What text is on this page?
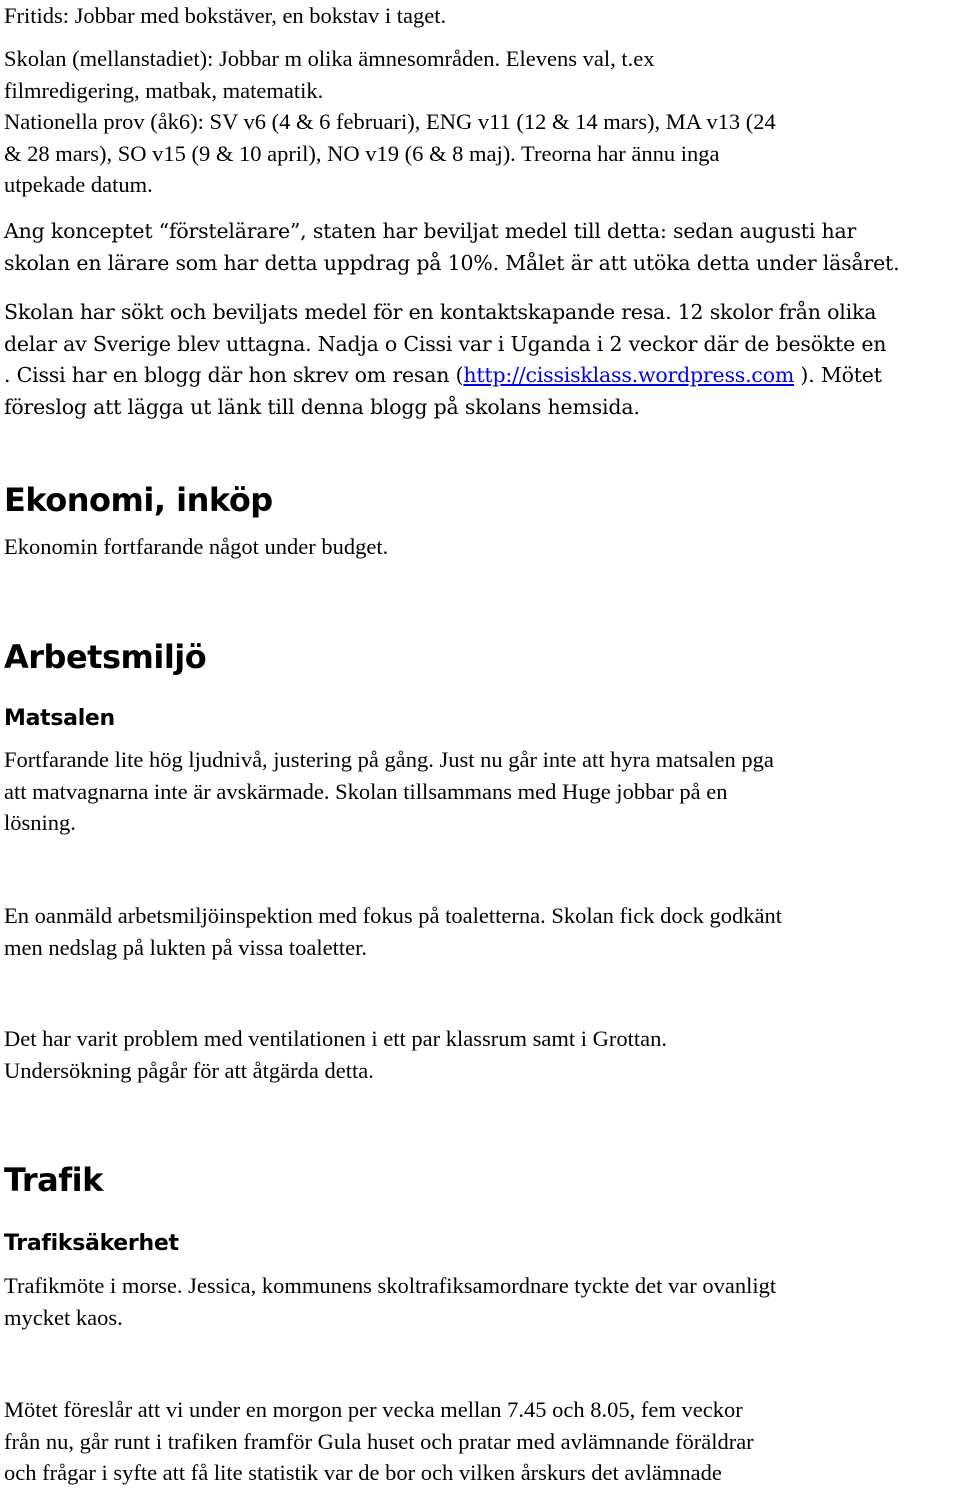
Fritids: Jobbar med bokstäver, en bokstav i taget.

Skolan (mellanstadiet): Jobbar m olika ämnesområden. Elevens val, t.ex
filmredigering, matbak, matematik.
Nationella prov (åk6): SV v6 (4 & 6 februari), ENG v11 (12 & 14 mars), MA v13 (24
& 28 mars), SO v15 (9 & 10 april), NO v19 (6 & 8 maj). Treorna har ännu inga
utpekade datum.

Ang konceptet “förstelärare”, staten har beviljat medel till detta: sedan augusti har
skolan en lärare som har detta uppdrag på 10%. Målet är att utöka detta under läsåret.

Skolan har sökt och beviljats medel för en kontaktskapande resa. 12 skolor från olika
delar av Sverige blev uttagna. Nadja o Cissi var i Uganda i 2 veckor där de besökte en
. Cissi har en blogg där hon skrev om resan (http://cissisklass.wordpress.com ). Mötet
föreslog att lägga ut länk till denna blogg på skolans hemsida.

Ekonomi, inköp

Ekonomin fortfarande något under budget.

Arbetsmiljö
Matsalen

Fortfarande lite hög ljudnivå, justering på gång. Just nu går inte att hyra matsalen pga
att matvagnarna inte är avskärmade. Skolan tillsammans med Huge jobbar på en
lösning.

En oanmäld arbetsmiljöinspektion med fokus på toaletterna. Skolan fick dock godkänt
men nedslag på lukten på vissa toaletter.

Det har varit problem med ventilationen i ett par klassrum samt i Grottan.
Undersökning pågår för att åtgärda detta.

Trafik
Trafiksäkerhet

Trafikmöte i morse. Jessica, kommunens skoltrafiksamordnare tyckte det var ovanligt
mycket kaos.

Mötet föreslår att vi under en morgon per vecka mellan 7.45 och 8.05, fem veckor
från nu, går runt i trafiken framför Gula huset och pratar med avlämnande föräldrar
och frågar i syfte att få lite statistik var de bor och vilken årskurs det avlämnade
